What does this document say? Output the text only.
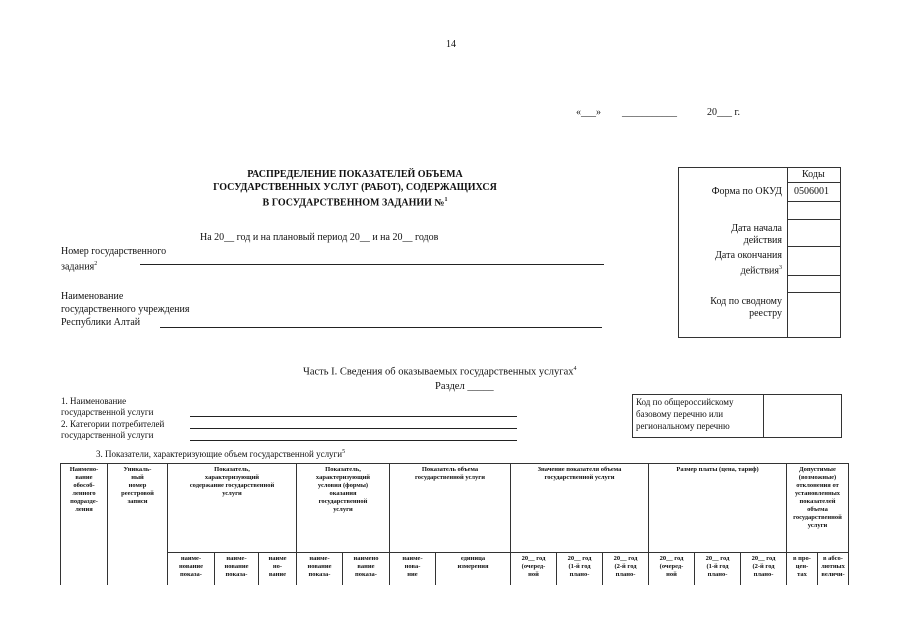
14
«___» ___________	20___ г.
РАСПРЕДЕЛЕНИЕ ПОКАЗАТЕЛЕЙ ОБЪЕМА
ГОСУДАРСТВЕННЫХ УСЛУГ (РАБОТ), СОДЕРЖАЩИХСЯ
В ГОСУДАРСТВЕННОМ ЗАДАНИИ №$^1$
На 20__ год и на плановый период 20__ и на 20__ годов
Номер государственного
задания$^2$
Наименование
государственного учреждения
Республики Алтай
Коды
Форма по ОКУД 0506001
Дата начала
действия
Дата окончания
действия$^3$
Код по сводному
реестру
Часть I. Сведения об оказываемых государственных услугах$^4$
Раздел _____
1. Наименование
государственной услуги
2. Категории потребителей
государственной услуги
Код по общероссийскому
базовому перечню или
региональному перечню
3. Показатели, характеризующие объем государственной услуги$^5$
Наимено-
вание
обособ-
ленного
подразде-
ления
Уникаль-
ный
номер
реестровой
записи
Показатель,
характеризующий
содержание государственной
услуги
Показатель,
характеризующий
условия (формы)
оказания
государственной
услуги
Показатель объема
государственной услуги
Значение показателя объема
государственной услуги
Размер платы (цена, тариф)	Допустимые
(возможные)
отклонения от
установленных
показателей
объема
государственной
услуги
наиме-
нование
показа-
наиме-
нование
показа-
наиме
но-
вание
наиме-
нование
показа-
наимено
вание
показа-
наиме-
нова-
ние
единица
измерения
20__ год
(очеред-
ной
20__ год
(1-й год
плано-
20__ год
(2-й год
плано-
20__ год
(очеред-
ной
20__ год
(1-й год
плано-
20__ год
(2-й год
плано-
в про-
цен-
тах
в абсо-
лютных
величи-
